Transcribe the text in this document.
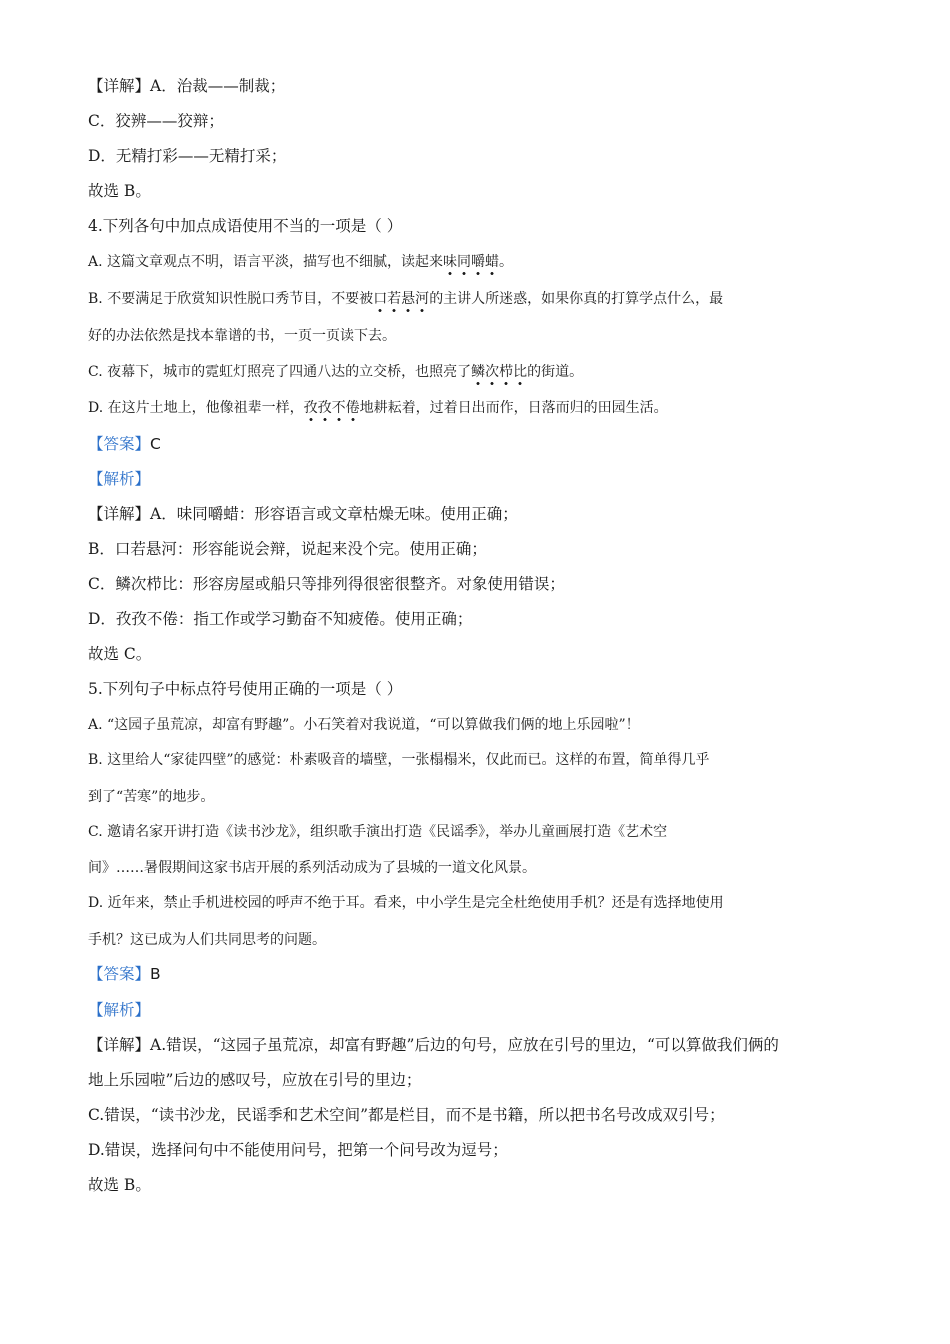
【详解】A．治裁——制裁；
C．狡辨——狡辩；
D．无精打彩——无精打采；
故选 B。
4.下列各句中加点成语使用不当的一项是（ ）
A. 这篇文章观点不明，语言平淡，描写也不细腻，读起来味同嚼蜡。
B. 不要满足于欣赏知识性脱口秀节目，不要被口若悬河的主讲人所迷惑，如果你真的打算学点什么，最
好的办法依然是找本靠谱的书，一页一页读下去。
C. 夜幕下，城市的霓虹灯照亮了四通八达的立交桥，也照亮了鳞次栉比的街道。
D. 在这片土地上，他像祖辈一样，孜孜不倦地耕耘着，过着日出而作，日落而归的田园生活。
【答案】C
【解析】
【详解】A．味同嚼蜡：形容语言或文章枯燥无味。使用正确；
B．口若悬河：形容能说会辩，说起来没个完。使用正确；
C．鳞次栉比：形容房屋或船只等排列得很密很整齐。对象使用错误；
D．孜孜不倦：指工作或学习勤奋不知疲倦。使用正确；
故选 C。
5.下列句子中标点符号使用正确的一项是（ ）
A. “这园子虽荒凉，却富有野趣”。小石笑着对我说道，“可以算做我们俩的地上乐园啦”！
B. 这里给人“家徒四壁”的感觉：朴素吸音的墙壁，一张榻榻米，仅此而已。这样的布置，简单得几乎
到了“苦寒”的地步。
C. 邀请名家开讲打造《读书沙龙》，组织歌手演出打造《民谣季》，举办儿童画展打造《艺术空
间》……暑假期间这家书店开展的系列活动成为了县城的一道文化风景。
D. 近年来，禁止手机进校园的呼声不绝于耳。看来，中小学生是完全杜绝使用手机？还是有选择地使用
手机？这已成为人们共同思考的问题。
【答案】B
【解析】
【详解】A.错误，“这园子虽荒凉，却富有野趣”后边的句号，应放在引号的里边，“可以算做我们俩的
地上乐园啦”后边的感叹号，应放在引号的里边；
C.错误，“读书沙龙，民谣季和艺术空间”都是栏目，而不是书籍，所以把书名号改成双引号；
D.错误，选择问句中不能使用问号，把第一个问号改为逗号；
故选 B。
